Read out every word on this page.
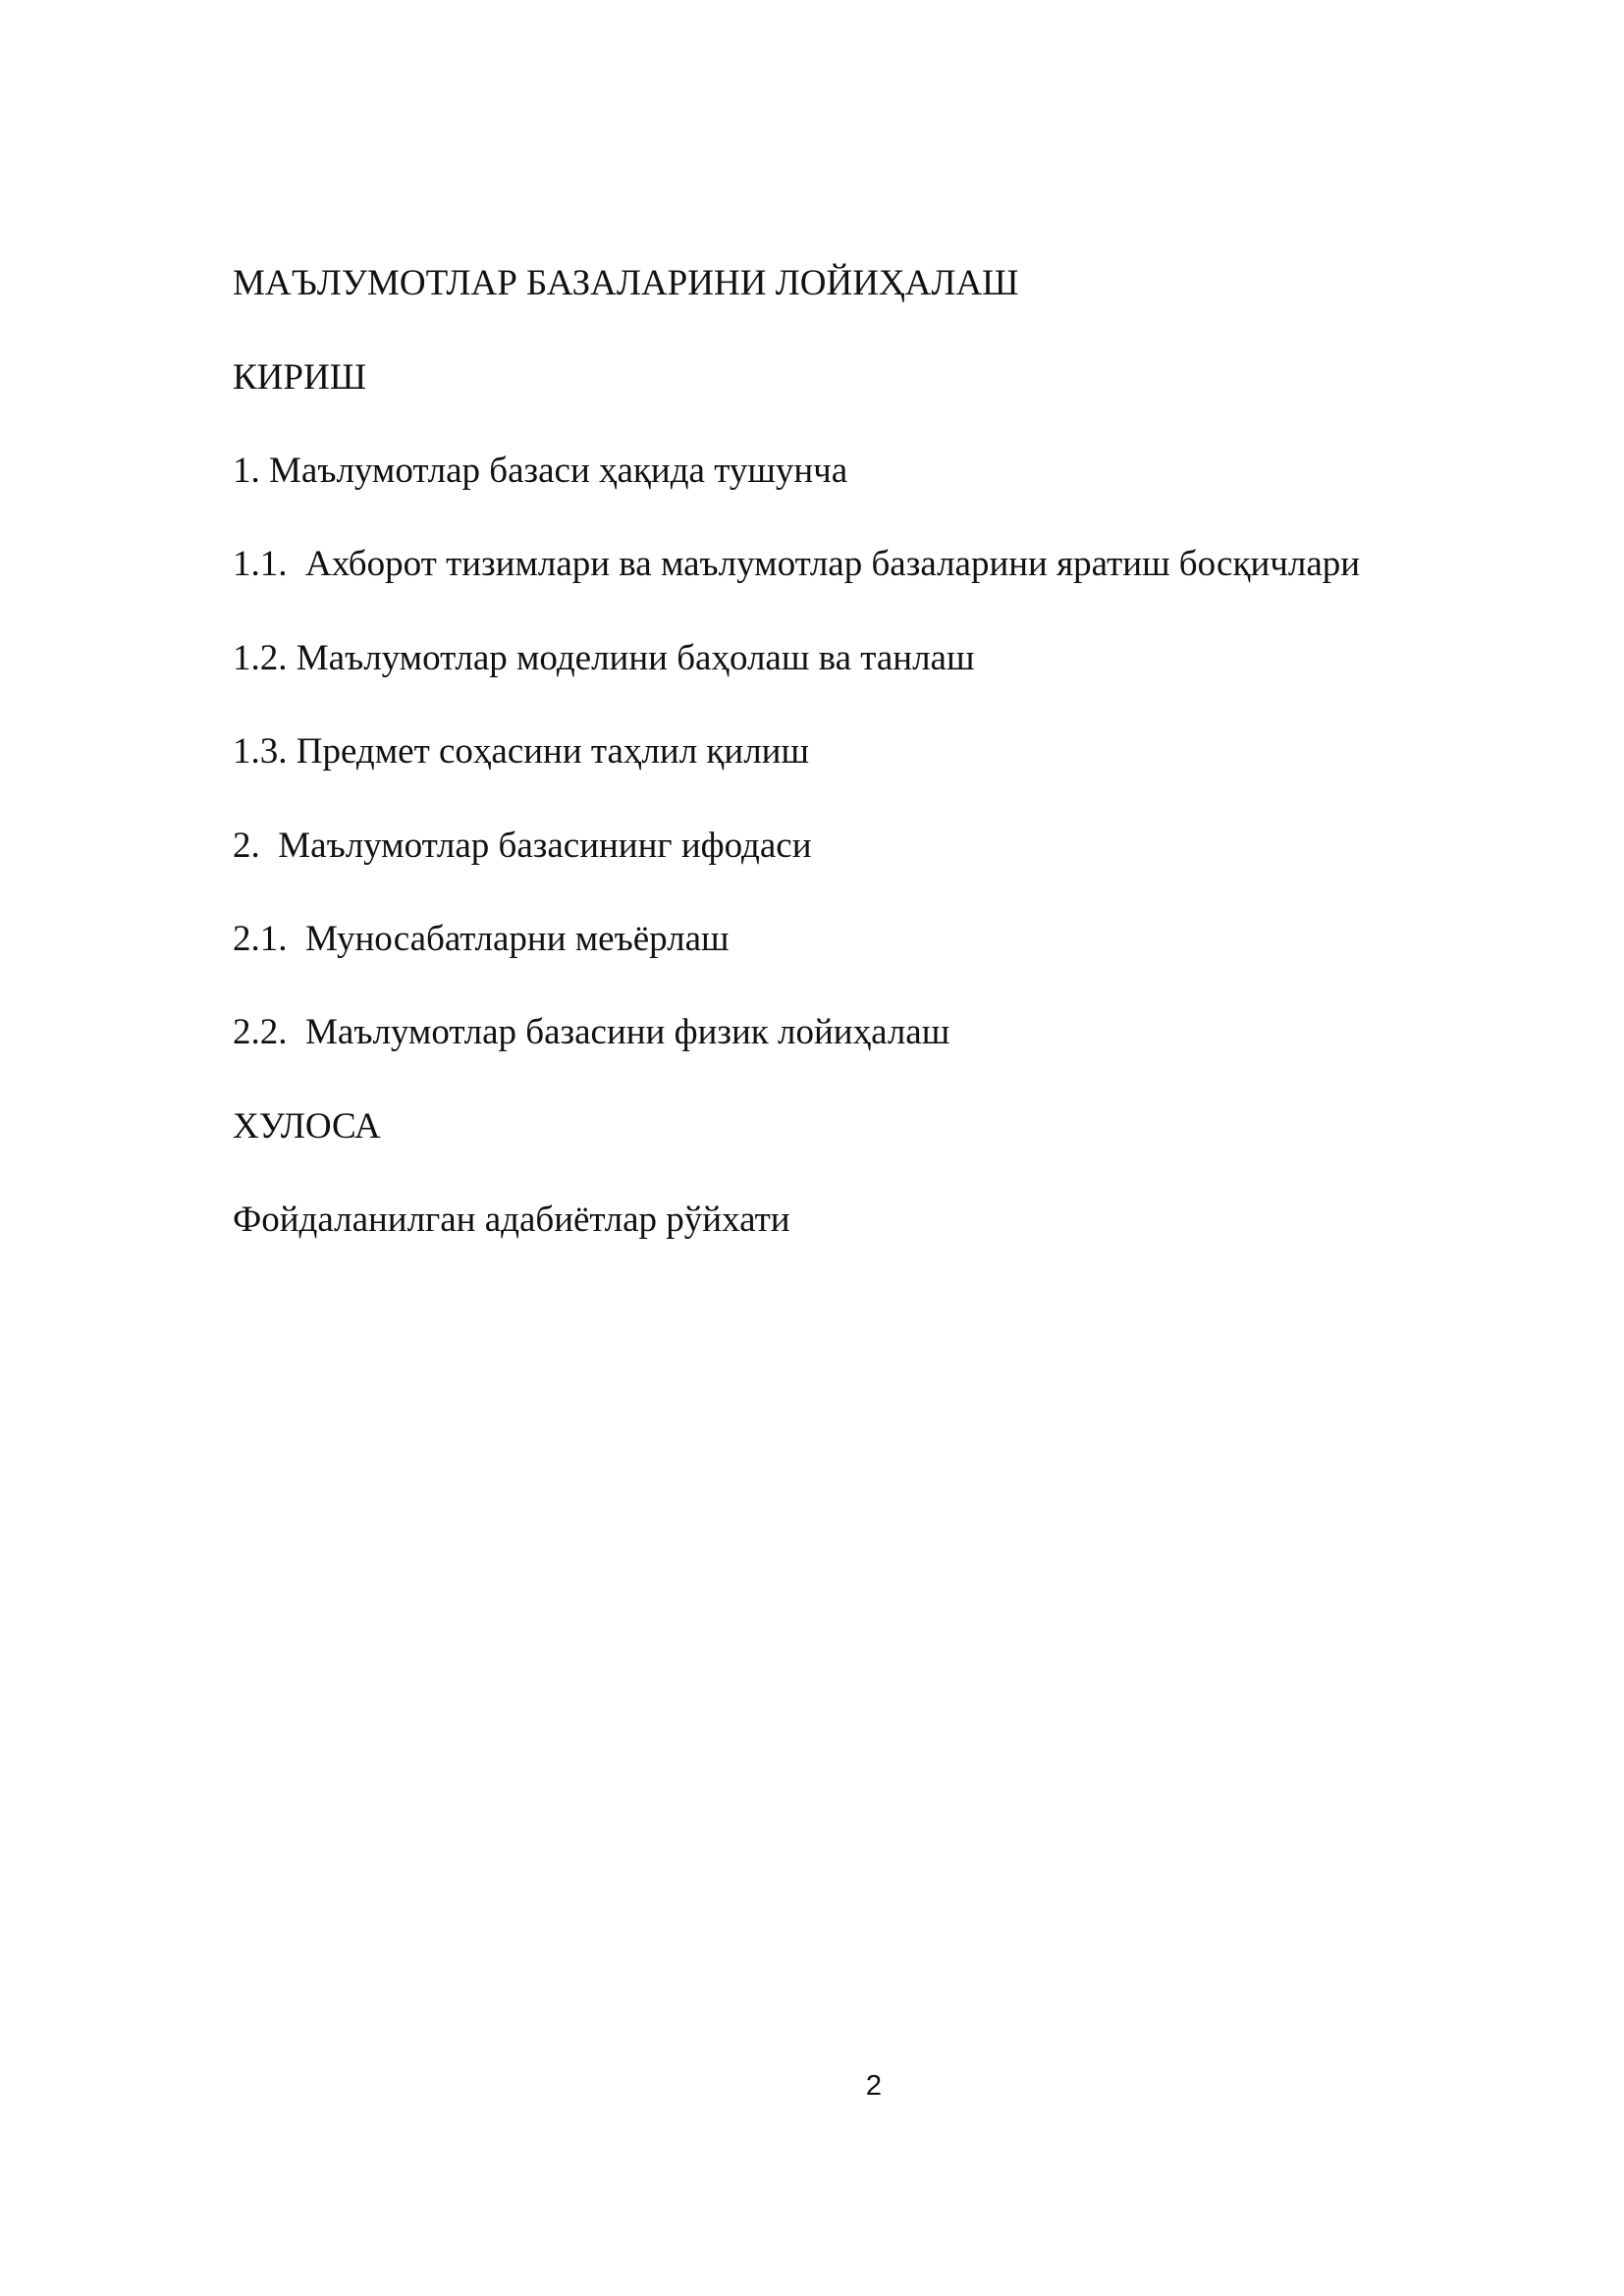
МАЪЛУМОТЛАР БАЗАЛАРИНИ ЛОЙИҲАЛАШ

КИРИШ

1. Маълумотлар базаси ҳақида тушунча

1.1.  Ахборот тизимлари ва маълумотлар базаларини яратиш босқичлари

1.2. Маълумотлар моделини баҳолаш ва танлаш

1.3. Предмет соҳасини таҳлил қилиш

2.  Маълумотлар базасининг ифодаси

2.1.  Муносабатларни меъёрлаш

2.2.  Маълумотлар базасини физик лойиҳалаш

ХУЛОСА

Фойдаланилган адабиётлар рўйхати

2
